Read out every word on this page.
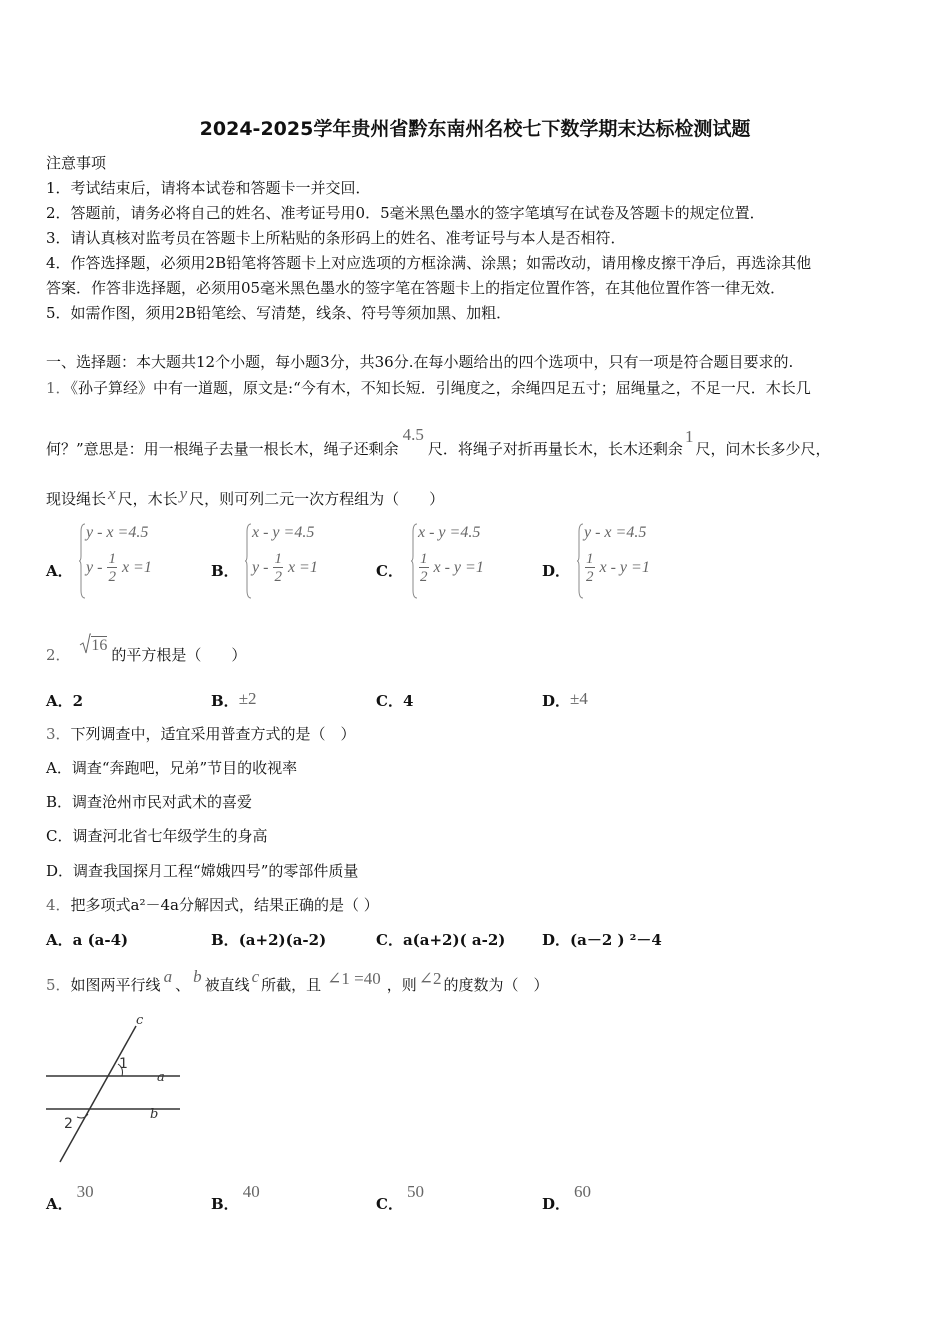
2024-2025学年贵州省黔东南州名校七下数学期末达标检测试题
注意事项
1．考试结束后，请将本试卷和答题卡一并交回．
2．答题前，请务必将自己的姓名、准考证号用0．5毫米黑色墨水的签字笔填写在试卷及答题卡的规定位置．
3．请认真核对监考员在答题卡上所粘贴的条形码上的姓名、准考证号与本人是否相符．
4．作答选择题，必须用2B铅笔将答题卡上对应选项的方框涂满、涂黑；如需改动，请用橡皮擦干净后，再选涂其他
答案．作答非选择题，必须用05毫米黑色墨水的签字笔在答题卡上的指定位置作答，在其他位置作答一律无效．
5．如需作图，须用2B铅笔绘、写清楚，线条、符号等须加黑、加粗．
一、选择题：本大题共12个小题，每小题3分，共36分.在每小题给出的四个选项中，只有一项是符合题目要求的.
1．《孙子算经》中有一道题，原文是:“今有木，不知长短．引绳度之，余绳四足五寸；屈绳量之，不足一尺．木长几
何？”意思是：用一根绳子去量一根长木，绳子还剩余4.5尺．将绳子对折再量长木，长木还剩余1尺，问木长多少尺，
现设绳长 x 尺，木长 y 尺，则可列二元一次方程组为（　　）
A．
y - x =4.5
y - $\frac{1}{2}$ x =1	B．
x - y =4.5
y - $\frac{1}{2}$ x =1	C．
x - y =4.5
$\frac{1}{2}$ x - y =1	D．
y - x =4.5
$\frac{1}{2}$ x - y =1
2． 16的平方根是（　　）
A．2	B．±2	C．4	D．±4
3．下列调查中，适宜采用普查方式的是（　）
A．调查“奔跑吧，兄弟”节目的收视率
B．调查沧州市民对武术的喜爱
C．调查河北省七年级学生的身高
D．调查我国探月工程“嫦娥四号”的零部件质量
4．把多项式a²－4a分解因式，结果正确的是（ ）
A．a (a-4)	B．(a+2)(a-2)	C．a(a+2)( a-2) D．(a－2 ) ²－4
5．如图两平行线 a 、 b 被直线 c 所截，且 ∠1 =40 ，则 ∠2 的度数为（　）
c
1
a
2
b
A．30
B．40
C．50
D．60
